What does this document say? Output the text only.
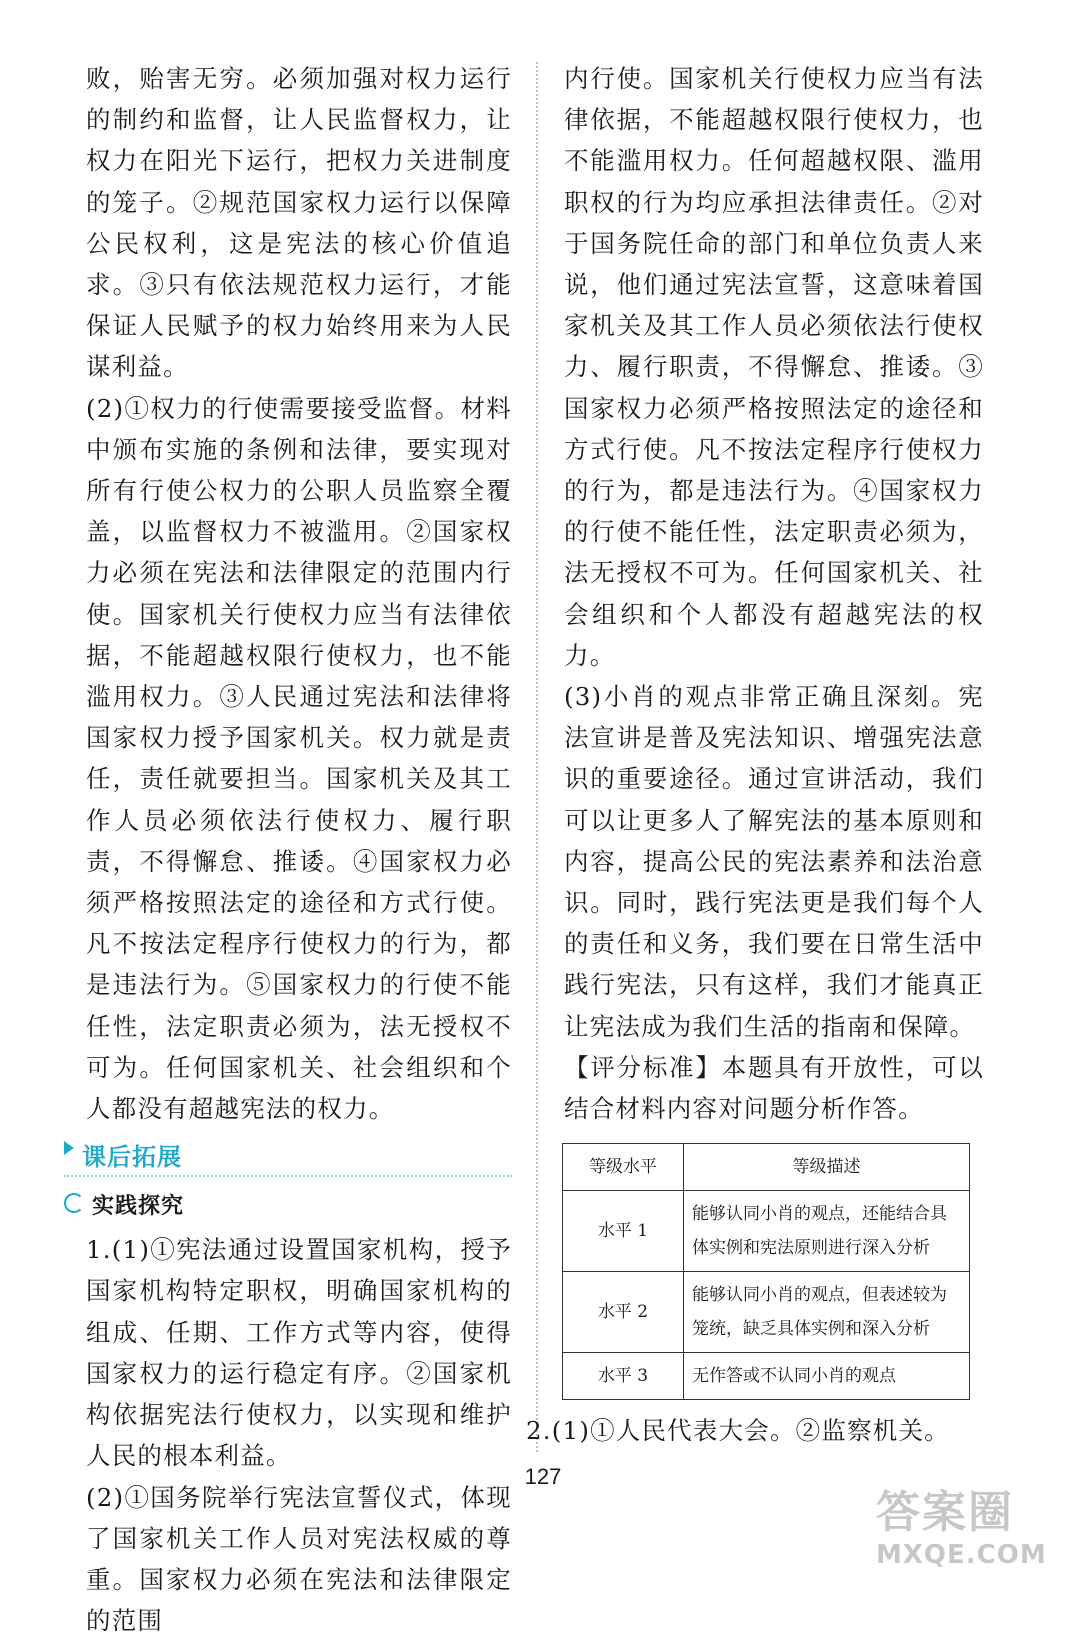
败，贻害无穷。必须加强对权力运行的制约和监督，让人民监督权力，让权力在阳光下运行，把权力关进制度的笼子。②规范国家权力运行以保障公民权利，这是宪法的核心价值追求。③只有依法规范权力运行，才能保证人民赋予的权力始终用来为人民谋利益。

(2)①权力的行使需要接受监督。材料中颁布实施的条例和法律，要实现对所有行使公权力的公职人员监察全覆盖，以监督权力不被滥用。②国家权力必须在宪法和法律限定的范围内行使。国家机关行使权力应当有法律依据，不能超越权限行使权力，也不能滥用权力。③人民通过宪法和法律将国家权力授予国家机关。权力就是责任，责任就要担当。国家机关及其工作人员必须依法行使权力、履行职责，不得懈怠、推诿。④国家权力必须严格按照法定的途径和方式行使。凡不按法定程序行使权力的行为，都是违法行为。⑤国家权力的行使不能任性，法定职责必须为，法无授权不可为。任何国家机关、社会组织和个人都没有超越宪法的权力。

课后拓展
实践探究

1.(1)①宪法通过设置国家机构，授予国家机构特定职权，明确国家机构的组成、任期、工作方式等内容，使得国家权力的运行稳定有序。②国家机构依据宪法行使权力，以实现和维护人民的根本利益。

(2)①国务院举行宪法宣誓仪式，体现了国家机关工作人员对宪法权威的尊重。国家权力必须在宪法和法律限定的范围

内行使。国家机关行使权力应当有法律依据，不能超越权限行使权力，也不能滥用权力。任何超越权限、滥用职权的行为均应承担法律责任。②对于国务院任命的部门和单位负责人来说，他们通过宪法宣誓，这意味着国家机关及其工作人员必须依法行使权力、履行职责，不得懈怠、推诿。③国家权力必须严格按照法定的途径和方式行使。凡不按法定程序行使权力的行为，都是违法行为。④国家权力的行使不能任性，法定职责必须为，法无授权不可为。任何国家机关、社会组织和个人都没有超越宪法的权力。

(3)小肖的观点非常正确且深刻。宪法宣讲是普及宪法知识、增强宪法意识的重要途径。通过宣讲活动，我们可以让更多人了解宪法的基本原则和内容，提高公民的宪法素养和法治意识。同时，践行宪法更是我们每个人的责任和义务，我们要在日常生活中践行宪法，只有这样，我们才能真正让宪法成为我们生活的指南和保障。

【评分标准】本题具有开放性，可以结合材料内容对问题分析作答。

等级水平	等级描述
水平 1	能够认同小肖的观点，还能结合具体实例和宪法原则进行深入分析
水平 2	能够认同小肖的观点，但表述较为笼统，缺乏具体实例和深入分析
水平 3	无作答或不认同小肖的观点

2.(1)①人民代表大会。②监察机关。

127
答案圈
MXQE.COM
